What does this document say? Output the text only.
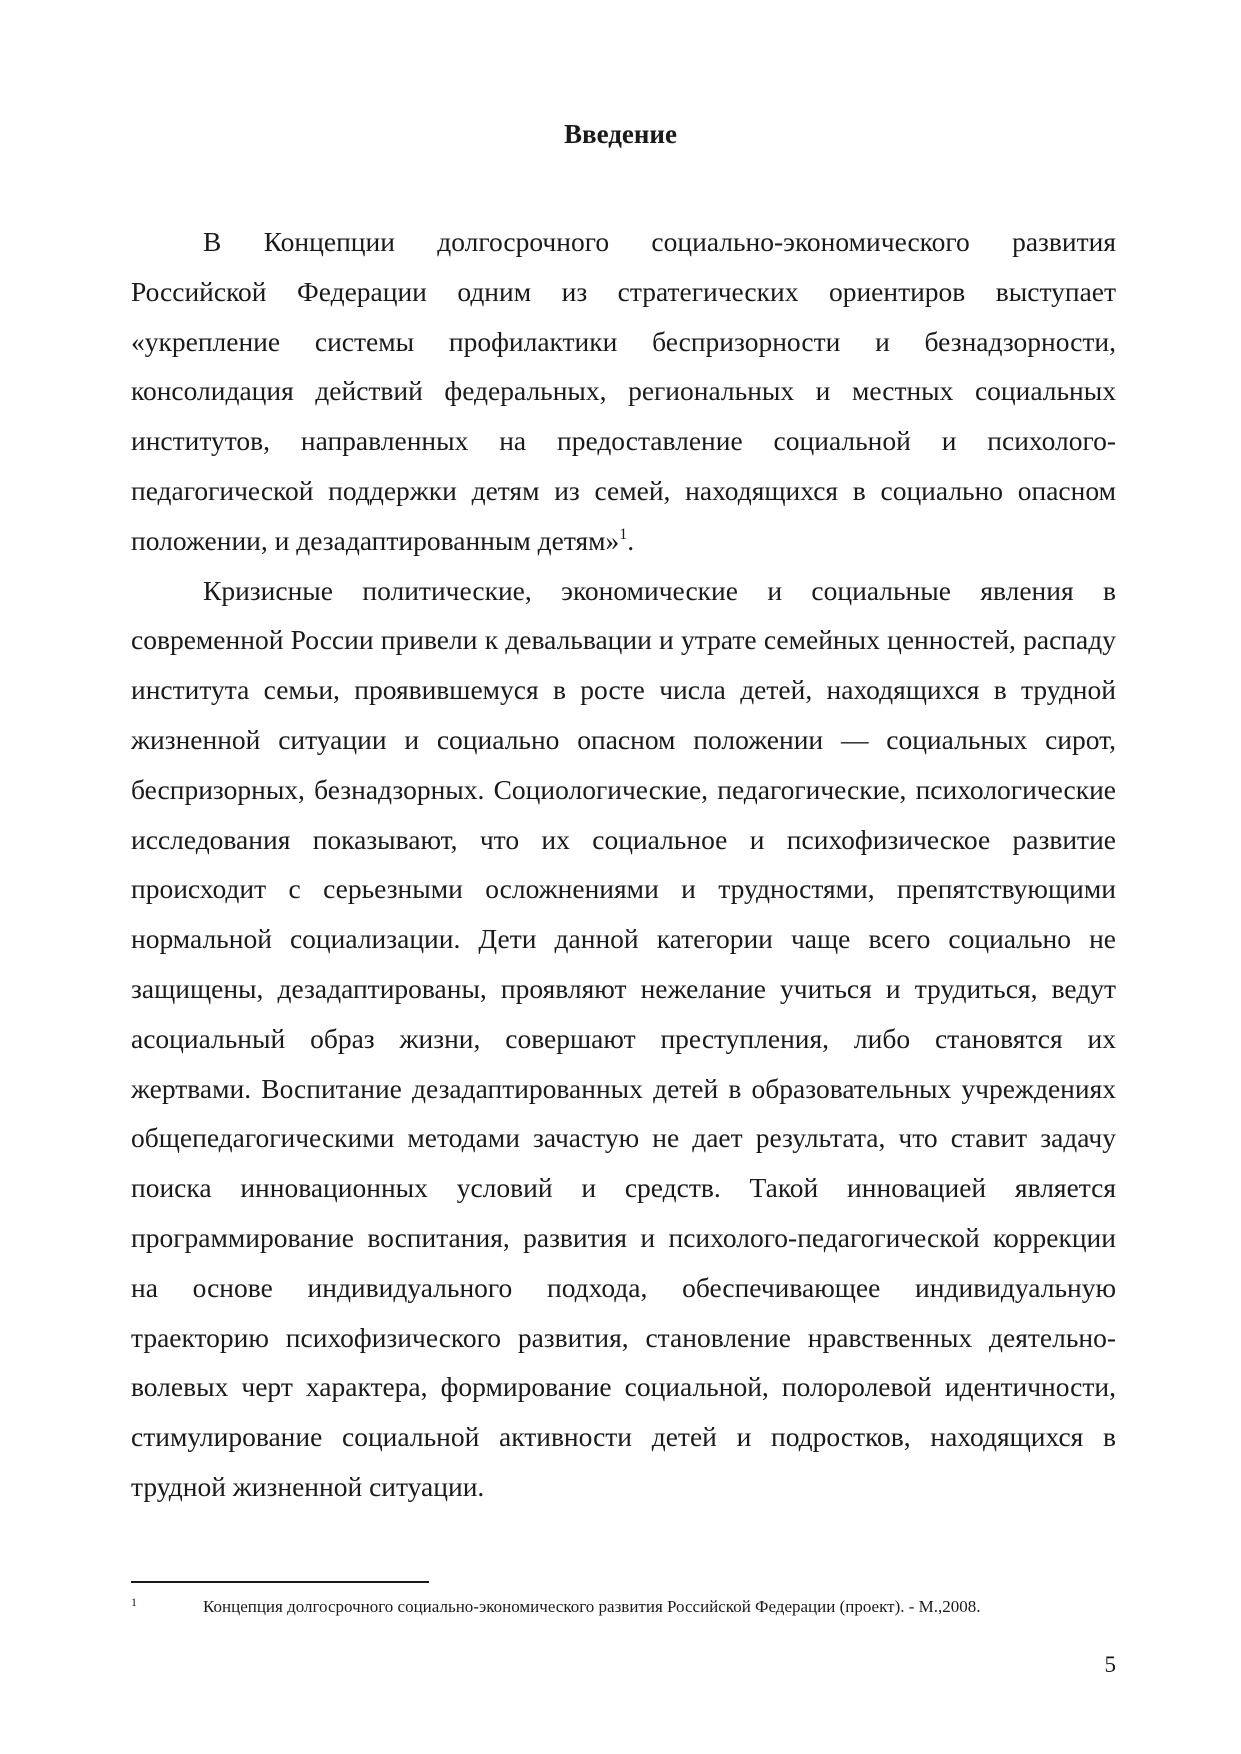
Введение

В Концепции долгосрочного социально-экономического развития Российской Федерации одним из стратегических ориентиров выступает «укрепление системы профилактики беспризорности и безнадзорности, консолидация действий федеральных, региональных и местных социальных институтов, направленных на предоставление социальной и психолого-педагогической поддержки детям из семей, находящихся в социально опасном положении, и дезадаптированным детям»$^1$.

Кризисные политические, экономические и социальные явления в современной России привели к девальвации и утрате семейных ценностей, распаду института семьи, проявившемуся в росте числа детей, находящихся в трудной жизненной ситуации и социально опасном положении — социальных сирот, беспризорных, безнадзорных. Социологические, педагогические, психологические исследования показывают, что их социальное и психофизическое развитие происходит с серьезными осложнениями и трудностями, препятствующими нормальной социализации. Дети данной категории чаще всего социально не защищены, дезадаптированы, проявляют нежелание учиться и трудиться, ведут асоциальный образ жизни, совершают преступления, либо становятся их жертвами. Воспитание дезадаптированных детей в образовательных учреждениях общепедагогическими методами зачастую не дает результата, что ставит задачу поиска инновационных условий и средств. Такой инновацией является программирование воспитания, развития и психолого-педагогической коррекции на основе индивидуального подхода, обеспечивающее индивидуальную траекторию психофизического развития, становление нравственных деятельно-волевых черт характера, формирование социальной, полоролевой идентичности, стимулирование социальной активности детей и подростков, находящихся в трудной жизненной ситуации.

1	Концепция долгосрочного социально-экономического развития Российской Федерации (проект). - М.,2008.
5
